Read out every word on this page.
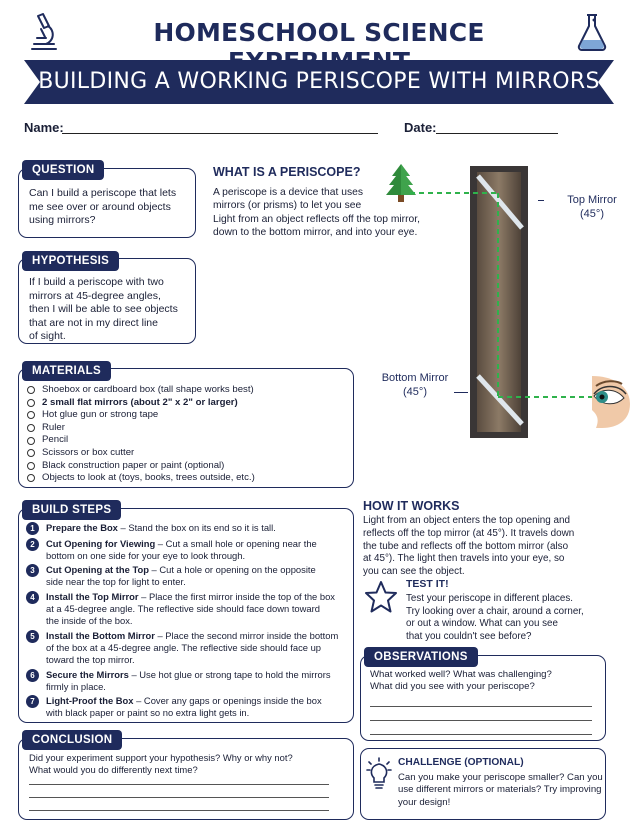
HOMESCHOOL SCIENCE
BUILDING A WORKING PERISCOPE WITH MIRRORS
Name:	Date:
QUESTION
Can I build a periscope that lets
me see over or around objects
using mirrors?
HYPOTHESIS
If I build a periscope with two
mirrors at 45-degree angles,
then I will be able to see objects
that are not in my direct line
of sight.
MATERIALS
Shoebox or cardboard box (tall shape works best)
2 small flat mirrors (about 2" x 2" or larger)
Hot glue gun or strong tape
Ruler
Pencil
Scissors or box cutter
Black construction paper or paint (optional)
Objects to look at (toys, books, trees outside, etc.)
WHAT IS A PERISCOPE?
A periscope is a device that uses
mirrors (or prisms) to let you see
Light from an object reflects off the top mirror,
down to the bottom mirror, and into your eye.
Top Mirror
(45°)
Bottom Mirror
(45°)
BUILD STEPS
1	Prepare the Box – Stand the box on its end so it is tall.
2	Cut Opening for Viewing – Cut a small hole or opening near the
bottom on one side for your eye to look through.
3	Cut Opening at the Top – Cut a hole or opening on the opposite
side near the top for light to enter.
4	Install the Top Mirror – Place the first mirror inside the top of the box
at a 45-degree angle. The reflective side should face down toward
the inside of the box.
5	Install the Bottom Mirror – Place the second mirror inside the bottom
of the box at a 45-degree angle. The reflective side should face up
toward the top mirror.
6	Secure the Mirrors – Use hot glue or strong tape to hold the mirrors
firmly in place.
7	Light-Proof the Box – Cover any gaps or openings inside the box
with black paper or paint so no extra light gets in.
HOW IT WORKS
Light from an object enters the top opening and
reflects off the top mirror (at 45°). It travels down
the tube and reflects off the bottom mirror (also
at 45°). The light then travels into your eye, so
you can see the object.
TEST IT!
Test your periscope in different places.
Try looking over a chair, around a corner,
or out a window. What can you see
that you couldn't see before?
OBSERVATIONS
What worked well? What was challenging?
What did you see with your periscope?
CONCLUSION
Did your experiment support your hypothesis? Why or why not?
What would you do differently next time?
CHALLENGE (OPTIONAL)
Can you make your periscope smaller? Can you
use different mirrors or materials? Try improving
your design!
